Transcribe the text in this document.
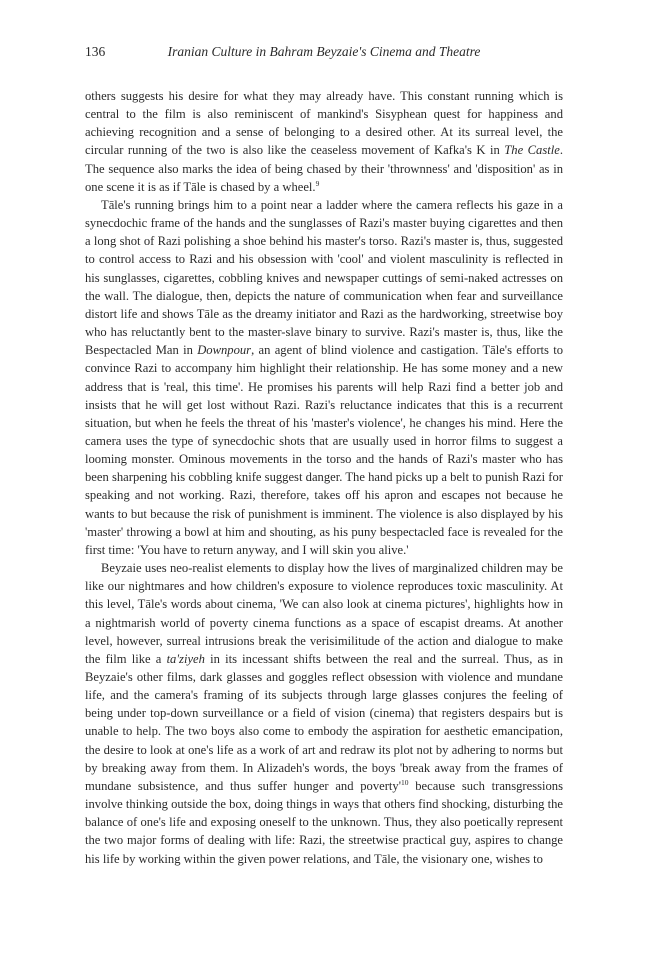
136	Iranian Culture in Bahram Beyzaie's Cinema and Theatre

others suggests his desire for what they may already have. This constant running which is central to the film is also reminiscent of mankind's Sisyphean quest for happiness and achieving recognition and a sense of belonging to a desired other. At its surreal level, the circular running of the two is also like the ceaseless movement of Kafka's K in The Castle. The sequence also marks the idea of being chased by their 'thrownness' and 'disposition' as in one scene it is as if Tāle is chased by a wheel.$^9$

Tāle's running brings him to a point near a ladder where the camera reflects his gaze in a synecdochic frame of the hands and the sunglasses of Razi's master buying cigarettes and then a long shot of Razi polishing a shoe behind his master's torso. Razi's master is, thus, suggested to control access to Razi and his obsession with 'cool' and violent masculinity is reflected in his sunglasses, cigarettes, cobbling knives and newspaper cuttings of semi-naked actresses on the wall. The dialogue, then, depicts the nature of communication when fear and surveillance distort life and shows Tāle as the dreamy initiator and Razi as the hardworking, streetwise boy who has reluctantly bent to the master-slave binary to survive. Razi's master is, thus, like the Bespectacled Man in Downpour, an agent of blind violence and castigation. Tāle's efforts to convince Razi to accompany him highlight their relationship. He has some money and a new address that is 'real, this time'. He promises his parents will help Razi find a better job and insists that he will get lost without Razi. Razi's reluctance indicates that this is a recurrent situation, but when he feels the threat of his 'master's violence', he changes his mind. Here the camera uses the type of synecdochic shots that are usually used in horror films to suggest a looming monster. Ominous movements in the torso and the hands of Razi's master who has been sharpening his cobbling knife suggest danger. The hand picks up a belt to punish Razi for speaking and not working. Razi, therefore, takes off his apron and escapes not because he wants to but because the risk of punishment is imminent. The violence is also displayed by his 'master' throwing a bowl at him and shouting, as his puny bespectacled face is revealed for the first time: 'You have to return anyway, and I will skin you alive.'

Beyzaie uses neo-realist elements to display how the lives of marginalized children may be like our nightmares and how children's exposure to violence reproduces toxic masculinity. At this level, Tāle's words about cinema, 'We can also look at cinema pictures', highlights how in a nightmarish world of poverty cinema functions as a space of escapist dreams. At another level, however, surreal intrusions break the verisimilitude of the action and dialogue to make the film like a ta'ziyeh in its incessant shifts between the real and the surreal. Thus, as in Beyzaie's other films, dark glasses and goggles reflect obsession with violence and mundane life, and the camera's framing of its subjects through large glasses conjures the feeling of being under top-down surveillance or a field of vision (cinema) that registers despairs but is unable to help. The two boys also come to embody the aspiration for aesthetic emancipation, the desire to look at one's life as a work of art and redraw its plot not by adhering to norms but by breaking away from them. In Alizadeh's words, the boys 'break away from the frames of mundane subsistence, and thus suffer hunger and $poverty'^{10}$ because such transgressions involve thinking outside the box, doing things in ways that others find shocking, disturbing the balance of one's life and exposing oneself to the unknown. Thus, they also poetically represent the two major forms of dealing with life: Razi, the streetwise practical guy, aspires to change his life by working within the given power relations, and Tāle, the visionary one, wishes to
